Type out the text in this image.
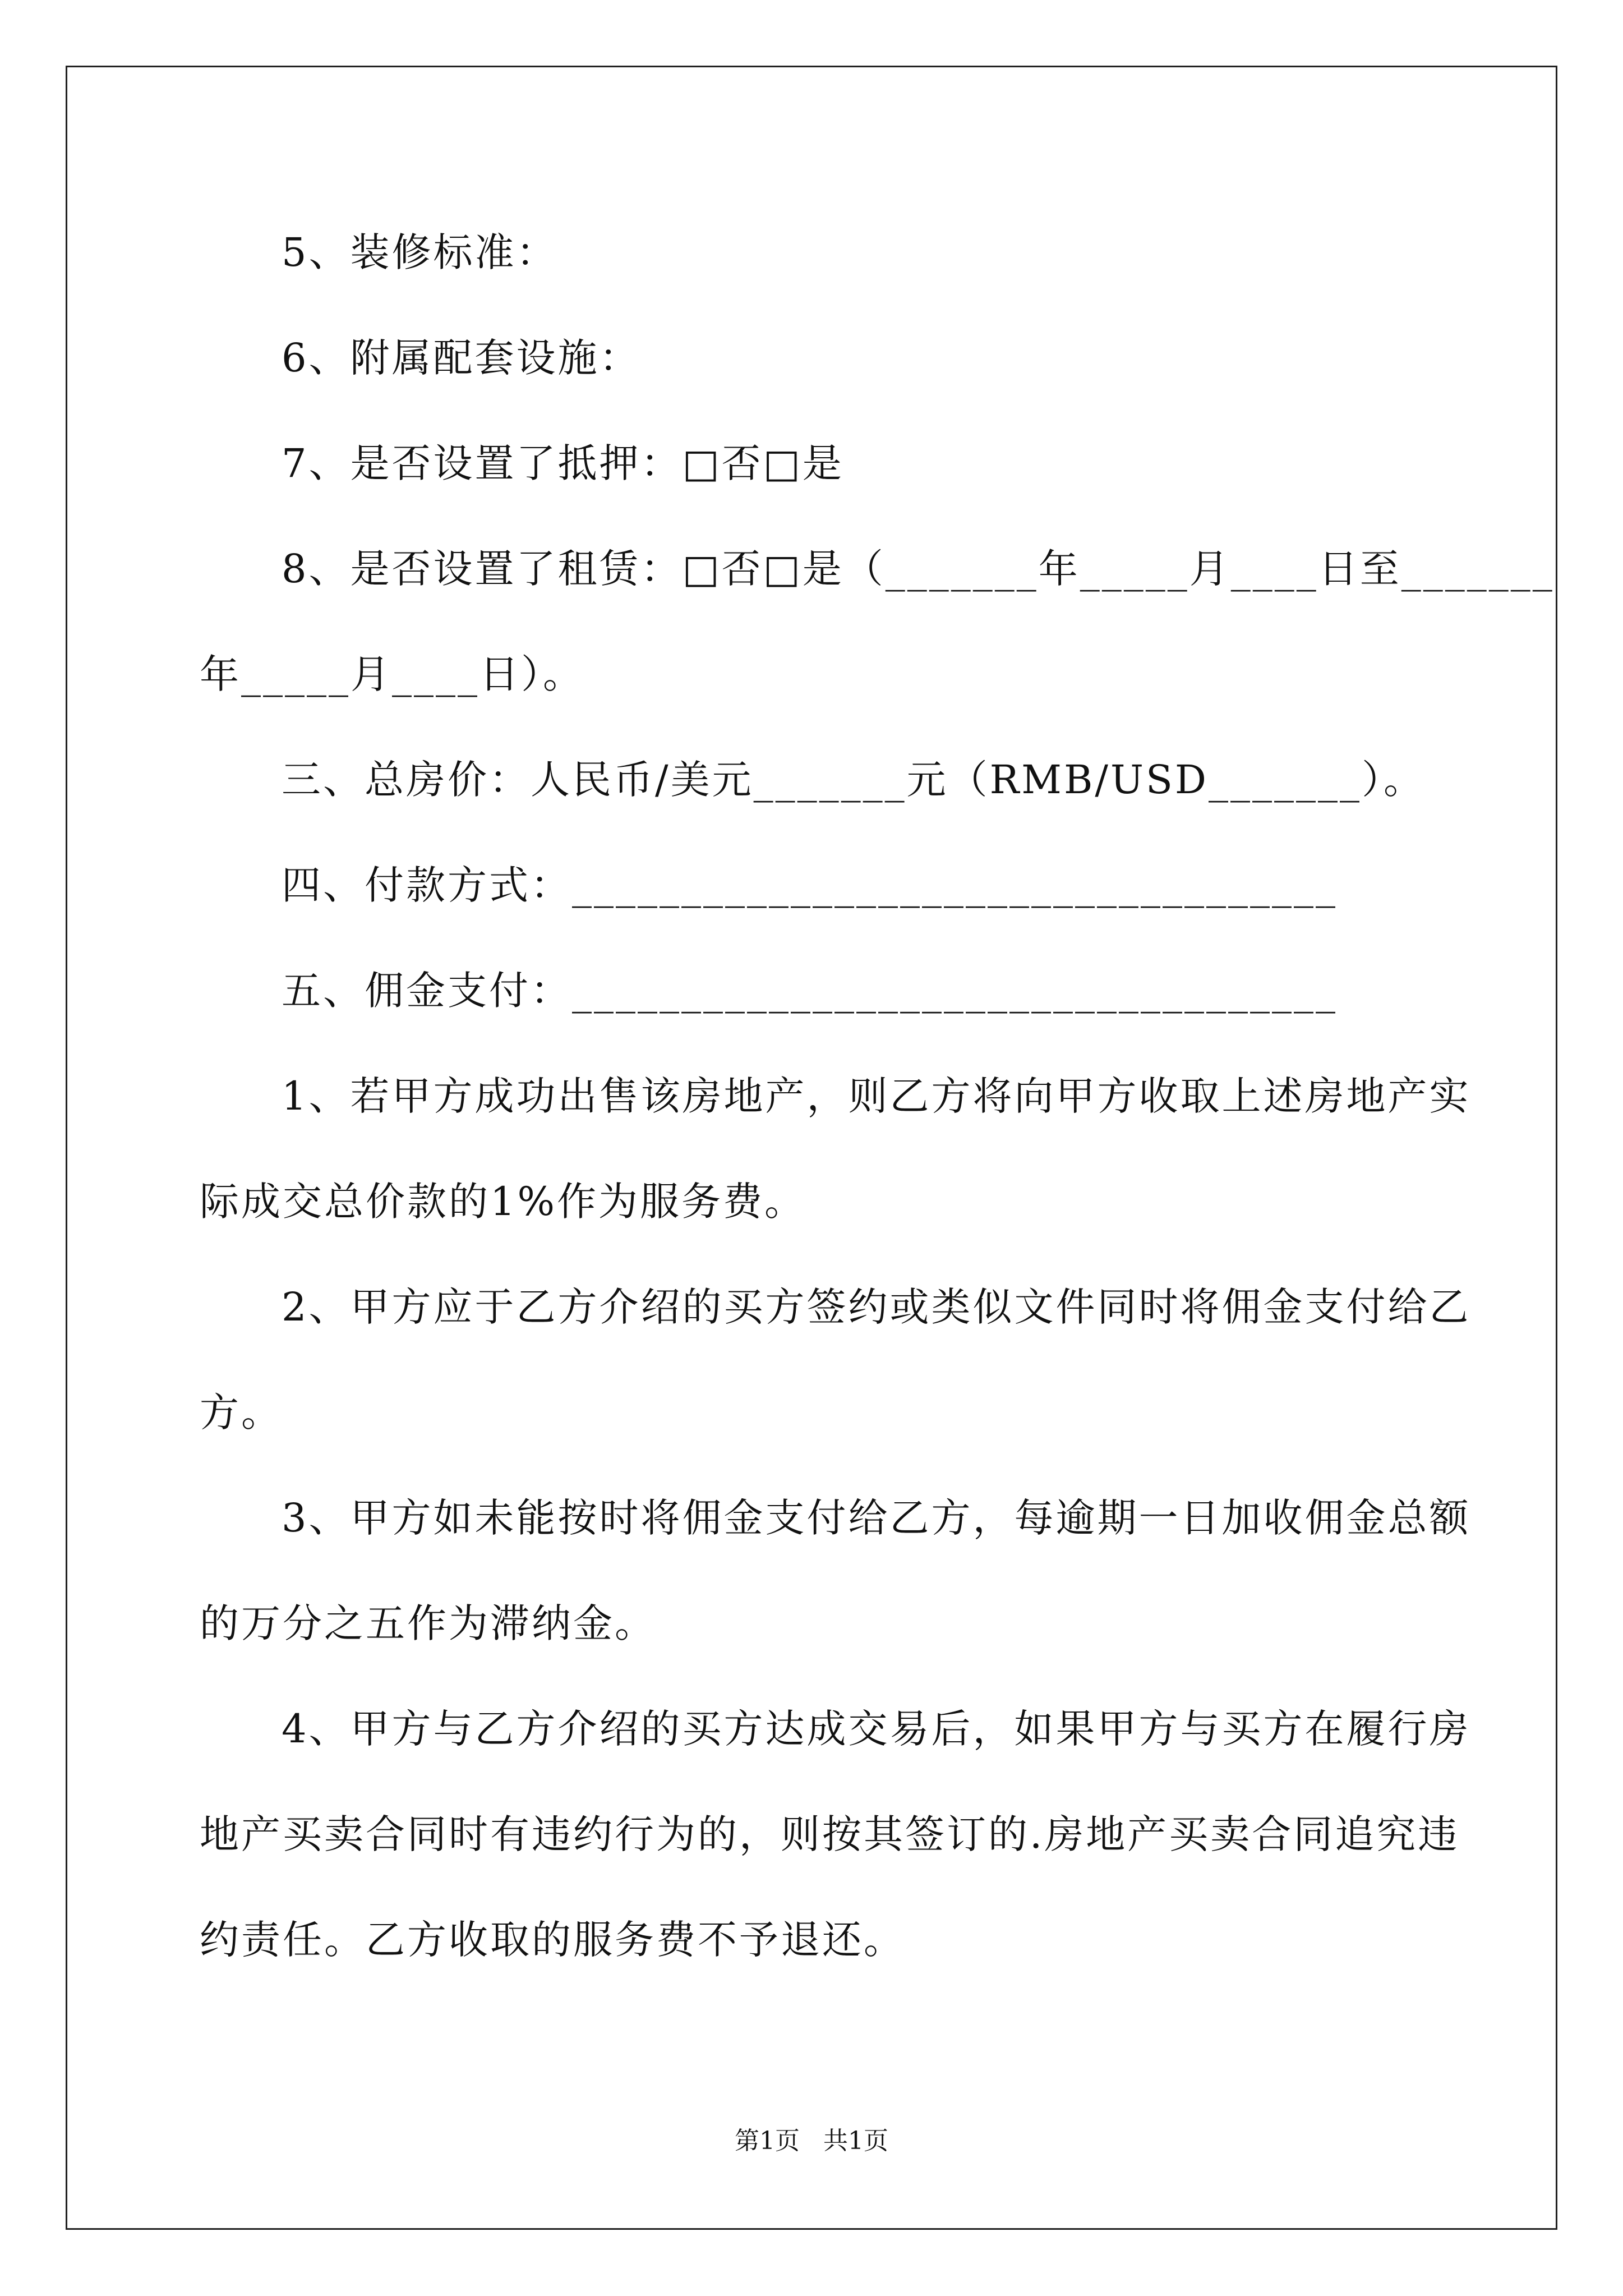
5、装修标准：
6、附属配套设施：
7、是否设置了抵押：□否□是
8、是否设置了租赁：□否□是（_______年_____月____日至_______
年_____月____日）。
三、总房价：人民币/美元_______元（RMB/USD_______）。
四、付款方式：___________________________________
五、佣金支付：___________________________________
1、若甲方成功出售该房地产，则乙方将向甲方收取上述房地产实
际成交总价款的1%作为服务费。
2、甲方应于乙方介绍的买方签约或类似文件同时将佣金支付给乙
方。
3、甲方如未能按时将佣金支付给乙方，每逾期一日加收佣金总额
的万分之五作为滞纳金。
4、甲方与乙方介绍的买方达成交易后，如果甲方与买方在履行房
地产买卖合同时有违约行为的，则按其签订的.房地产买卖合同追究违
约责任。乙方收取的服务费不予退还。
第1页   共1页
